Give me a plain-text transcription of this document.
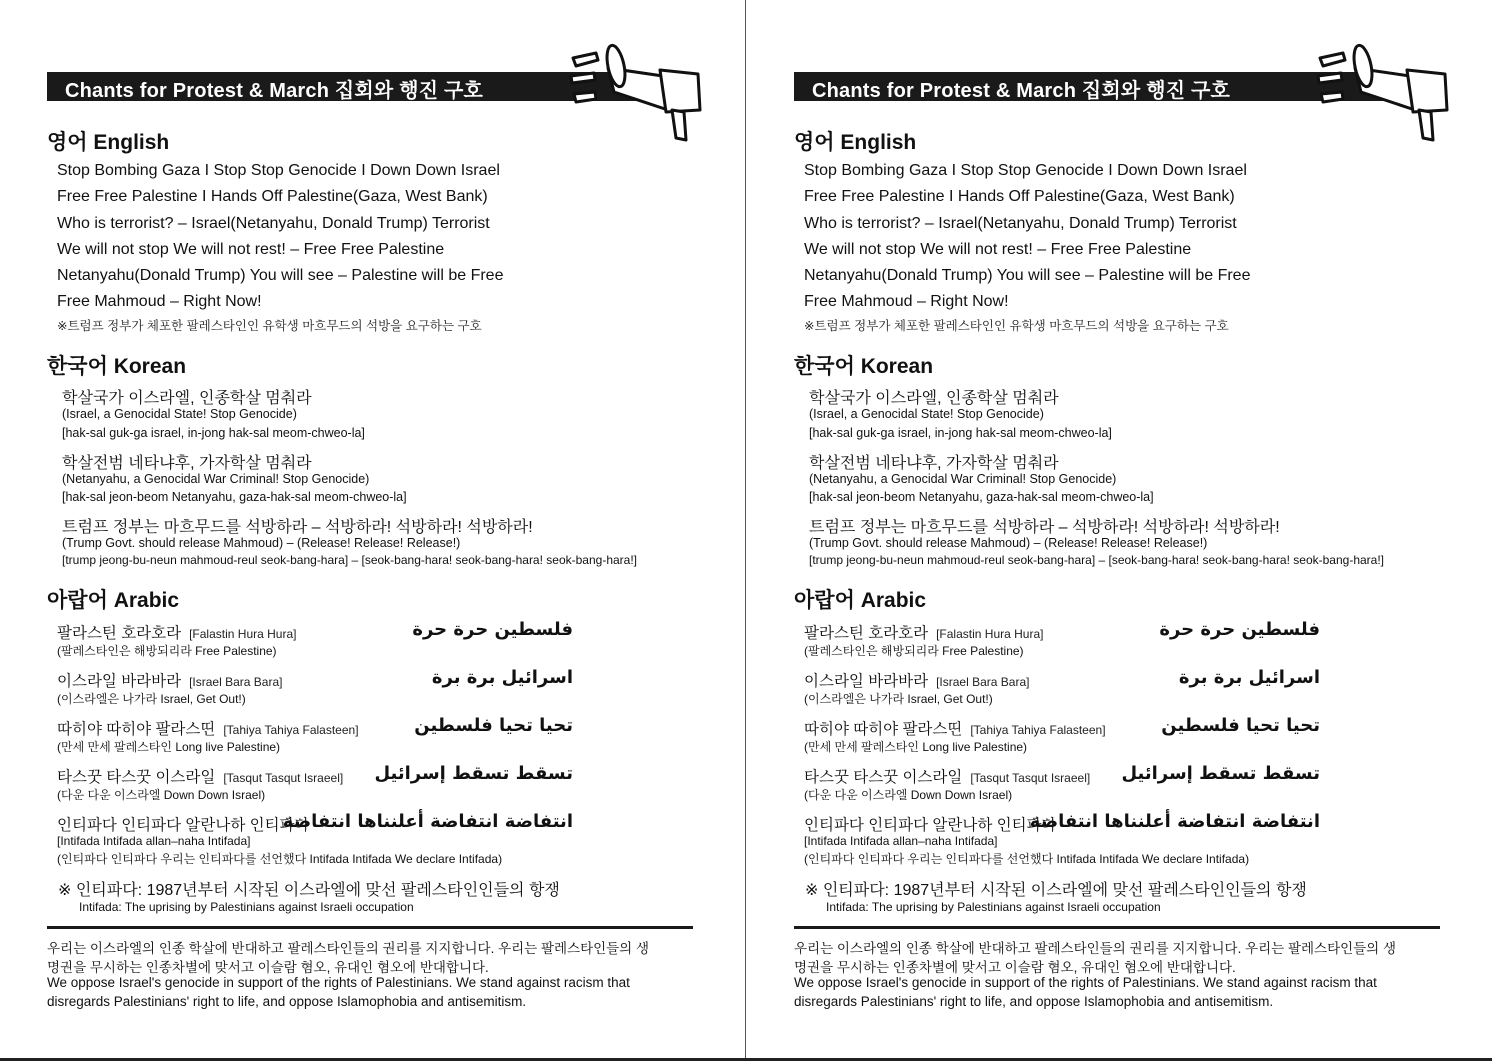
Chants for Protest & March 집회와 행진 구호
영어 English
Stop Bombing Gaza I Stop Stop Genocide I Down Down Israel
Free Free Palestine I Hands Off Palestine(Gaza, West Bank)
Who is terrorist? – Israel(Netanyahu, Donald Trump) Terrorist
We will not stop We will not rest! – Free Free Palestine
Netanyahu(Donald Trump) You will see – Palestine will be Free
Free Mahmoud – Right Now!
※트럼프 정부가 체포한 팔레스타인인 유학생 마흐무드의 석방을 요구하는 구호
한국어 Korean
학살국가 이스라엘, 인종학살 멈춰라
(Israel, a Genocidal State! Stop Genocide)
[hak-sal guk-ga israel, in-jong hak-sal meom-chweo-la]
학살전범 네타냐후, 가자학살 멈춰라
(Netanyahu, a Genocidal War Criminal! Stop Genocide)
[hak-sal jeon-beom Netanyahu, gaza-hak-sal meom-chweo-la]
트럼프 정부는 마흐무드를 석방하라 – 석방하라! 석방하라! 석방하라!
(Trump Govt. should release Mahmoud) – (Release! Release! Release!)
[trump jeong-bu-neun mahmoud-reul seok-bang-hara] – [seok-bang-hara! seok-bang-hara! seok-bang-hara!]
아랍어 Arabic
팔라스틴 호라호라 [Falastin Hura Hura]	فلسطين حرة حرة
(팔레스타인은 해방되리라 Free Palestine)
이스라일 바라바라 [Israel Bara Bara]	اسرائيل برة برة
(이스라엘은 나가라 Israel, Get Out!)
따히야 따히야 팔라스띤 [Tahiya Tahiya Falasteen]	تحيا تحيا فلسطين
(만세 만세 팔레스타인 Long live Palestine)
타스꿋 타스꿋 이스라일 [Tasqut Tasqut Israeel] تسقط تسقط إسرائيل
(다운 다운 이스라엘 Down Down Israel)
인티파다 인티파다 알란나하 인티파다
انتفاضة انتفاضة أعلنناها انتفاضة
[Intifada Intifada allan–naha Intifada]
(인티파다 인티파다 우리는 인티파다를 선언했다 Intifada Intifada We declare Intifada)
※ 인티파다: 1987년부터 시작된 이스라엘에 맞선 팔레스타인인들의 항쟁
Intifada: The uprising by Palestinians against Israeli occupation
우리는 이스라엘의 인종 학살에 반대하고 팔레스타인들의 권리를 지지합니다. 우리는 팔레스타인들의 생
명권을 무시하는 인종차별에 맞서고 이슬람 혐오, 유대인 혐오에 반대합니다.
We oppose Israel's genocide in support of the rights of Palestinians. We stand against racism that
disregards Palestinians' right to life, and oppose Islamophobia and antisemitism.
Chants for Protest & March 집회와 행진 구호
영어 English
Stop Bombing Gaza I Stop Stop Genocide I Down Down Israel
Free Free Palestine I Hands Off Palestine(Gaza, West Bank)
Who is terrorist? – Israel(Netanyahu, Donald Trump) Terrorist
We will not stop We will not rest! – Free Free Palestine
Netanyahu(Donald Trump) You will see – Palestine will be Free
Free Mahmoud – Right Now!
※트럼프 정부가 체포한 팔레스타인인 유학생 마흐무드의 석방을 요구하는 구호
한국어 Korean
학살국가 이스라엘, 인종학살 멈춰라
(Israel, a Genocidal State! Stop Genocide)
[hak-sal guk-ga israel, in-jong hak-sal meom-chweo-la]
학살전범 네타냐후, 가자학살 멈춰라
(Netanyahu, a Genocidal War Criminal! Stop Genocide)
[hak-sal jeon-beom Netanyahu, gaza-hak-sal meom-chweo-la]
트럼프 정부는 마흐무드를 석방하라 – 석방하라! 석방하라! 석방하라!
(Trump Govt. should release Mahmoud) – (Release! Release! Release!)
[trump jeong-bu-neun mahmoud-reul seok-bang-hara] – [seok-bang-hara! seok-bang-hara! seok-bang-hara!]
아랍어 Arabic
팔라스틴 호라호라 [Falastin Hura Hura]	فلسطين حرة حرة
(팔레스타인은 해방되리라 Free Palestine)
이스라일 바라바라 [Israel Bara Bara]	اسرائيل برة برة
(이스라엘은 나가라 Israel, Get Out!)
따히야 따히야 팔라스띤 [Tahiya Tahiya Falasteen]	تحيا تحيا فلسطين
(만세 만세 팔레스타인 Long live Palestine)
타스꿋 타스꿋 이스라일 [Tasqut Tasqut Israeel] تسقط تسقط إسرائيل
(다운 다운 이스라엘 Down Down Israel)
인티파다 인티파다 알란나하 인티파다
انتفاضة انتفاضة أعلنناها انتفاضة
[Intifada Intifada allan–naha Intifada]
(인티파다 인티파다 우리는 인티파다를 선언했다 Intifada Intifada We declare Intifada)
※ 인티파다: 1987년부터 시작된 이스라엘에 맞선 팔레스타인인들의 항쟁
Intifada: The uprising by Palestinians against Israeli occupation
우리는 이스라엘의 인종 학살에 반대하고 팔레스타인들의 권리를 지지합니다. 우리는 팔레스타인들의 생
명권을 무시하는 인종차별에 맞서고 이슬람 혐오, 유대인 혐오에 반대합니다.
We oppose Israel's genocide in support of the rights of Palestinians. We stand against racism that
disregards Palestinians' right to life, and oppose Islamophobia and antisemitism.
